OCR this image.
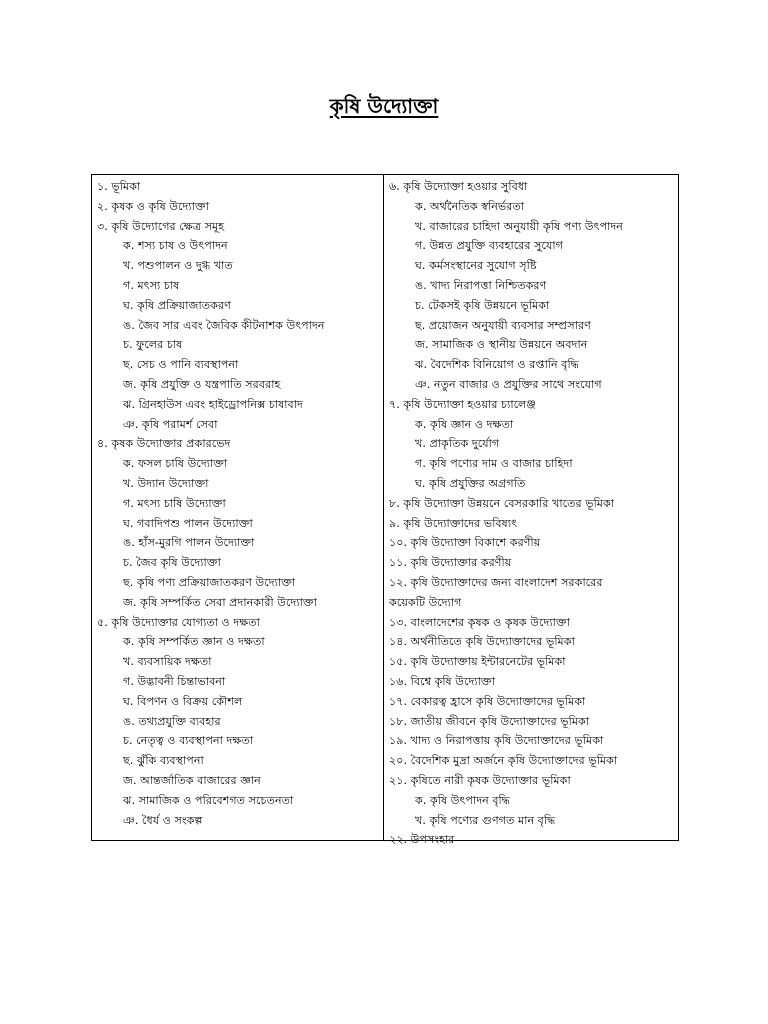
কৃষি উদ্যোক্তা
১. ভূমিকা
২. কৃষক ও কৃষি উদ্যোক্তা
৩. কৃষি উদ্যোগের ক্ষেত্র সমূহ
ক. শস্য চাষ ও উৎপাদন
খ. পশুপালন ও দুগ্ধ খাত
গ. মৎস্য চাষ
ঘ. কৃষি প্রক্রিয়াজাতকরণ
ঙ. জৈব সার এবং জৈবিক কীটনাশক উৎপাদন
চ. ফুলের চাষ
ছ. সেচ ও পানি ব্যবস্থাপনা
জ. কৃষি প্রযুক্তি ও যন্ত্রপাতি সরবরাহ
ঝ. গ্রিনহাউস এবং হাইড্রোপনিক্স চাষাবাদ
ঞ. কৃষি পরামর্শ সেবা
৪. কৃষক উদ্যোক্তার প্রকারভেদ
ক. ফসল চাষি উদ্যোক্তা
খ. উদ্যান উদ্যোক্তা
গ. মৎস্য চাষি উদ্যোক্তা
ঘ. গবাদিপশু পালন উদ্যোক্তা
ঙ. হাঁস-মুরগি পালন উদ্যোক্তা
চ. জৈব কৃষি উদ্যোক্তা
ছ. কৃষি পণ্য প্রক্রিয়াজাতকরণ উদ্যোক্তা
জ. কৃষি সম্পর্কিত সেবা প্রদানকারী উদ্যোক্তা
৫. কৃষি উদ্যোক্তার যোগ্যতা ও দক্ষতা
ক. কৃষি সম্পর্কিত জ্ঞান ও দক্ষতা
খ. ব্যবসায়িক দক্ষতা
গ. উদ্ভাবনী চিন্তাভাবনা
ঘ. বিপণন ও বিক্রয় কৌশল
ঙ. তথ্যপ্রযুক্তি ব্যবহার
চ. নেতৃত্ব ও ব্যবস্থাপনা দক্ষতা
ছ. ঝুঁকি ব্যবস্থাপনা
জ. আন্তর্জাতিক বাজারের জ্ঞান
ঝ. সামাজিক ও পরিবেশগত সচেতনতা
ঞ. ধৈর্য ও সংকল্প
৬. কৃষি উদ্যোক্তা হওয়ার সুবিধা
ক. অর্থনৈতিক স্বনির্ভরতা
খ. বাজারের চাহিদা অনুযায়ী কৃষি পণ্য উৎপাদন
গ. উন্নত প্রযুক্তি ব্যবহারের সুযোগ
ঘ. কর্মসংস্থানের সুযোগ সৃষ্টি
ঙ. খাদ্য নিরাপত্তা নিশ্চিতকরণ
চ. টেকসই কৃষি উন্নয়নে ভূমিকা
ছ. প্রয়োজন অনুযায়ী ব্যবসার সম্প্রসারণ
জ. সামাজিক ও স্থানীয় উন্নয়নে অবদান
ঝ. বৈদেশিক বিনিয়োগ ও রপ্তানি বৃদ্ধি
ঞ. নতুন বাজার ও প্রযুক্তির সাথে সংযোগ
৭. কৃষি উদ্যোক্তা হওয়ার চ্যালেঞ্জ
ক. কৃষি জ্ঞান ও দক্ষতা
খ. প্রাকৃতিক দুর্যোগ
গ. কৃষি পণ্যের দাম ও বাজার চাহিদা
ঘ. কৃষি প্রযুক্তির অগ্রগতি
৮. কৃষি উদ্যোক্তা উন্নয়নে বেসরকারি খাতের ভূমিকা
৯. কৃষি উদ্যোক্তাদের ভবিষ্যৎ
১০. কৃষি উদ্যোক্তা বিকাশে করণীয়
১১. কৃষি উদ্যোক্তার করণীয়
১২. কৃষি উদ্যোক্তাদের জন্য বাংলাদেশ সরকারের
কয়েকটি উদ্যোগ
১৩. বাংলাদেশের কৃষক ও কৃষক উদ্যোক্তা
১৪. অর্থনীতিতে কৃষি উদ্যোক্তাদের ভূমিকা
১৫. কৃষি উদ্যোক্তায় ইন্টারনেটের ভূমিকা
১৬. বিশ্বে কৃষি উদ্যোক্তা
১৭. বেকারত্ব হ্রাসে কৃষি উদ্যোক্তাদের ভূমিকা
১৮. জাতীয় জীবনে কৃষি উদ্যোক্তাদের ভূমিকা
১৯. খাদ্য ও নিরাপত্তায় কৃষি উদ্যোক্তাদের ভূমিকা
২০. বৈদেশিক মুদ্রা অর্জনে কৃষি উদ্যোক্তাদের ভূমিকা
২১. কৃষিতে নারী কৃষক উদ্যোক্তার ভূমিকা
ক. কৃষি উৎপাদন বৃদ্ধি
খ. কৃষি পণ্যের গুণগত মান বৃদ্ধি
২২. উপসংহার
